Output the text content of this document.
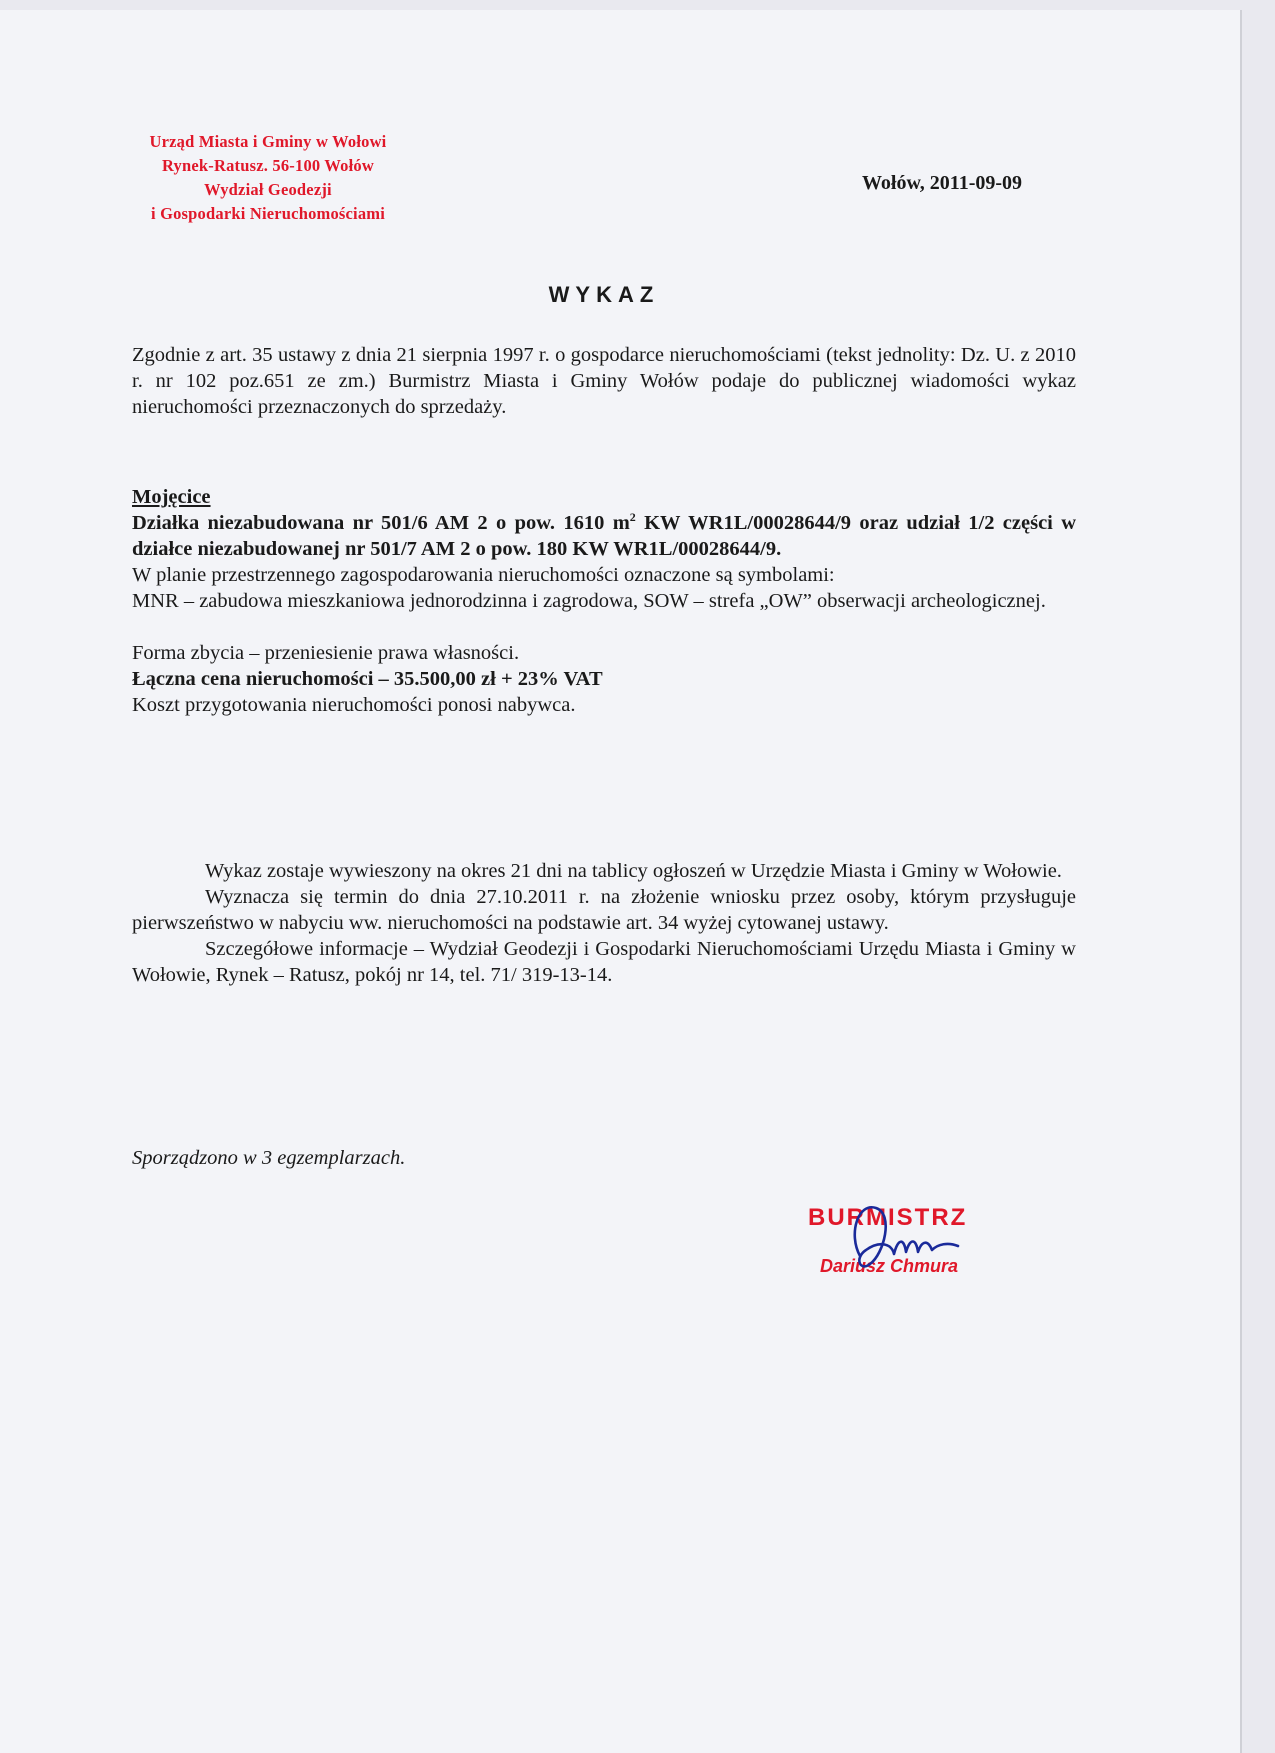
Urząd Miasta i Gminy w Wołowi
Rynek-Ratusz. 56-100 Wołów
Wydział Geodezji
i Gospodarki Nieruchomościami
Wołów, 2011-09-09
WYKAZ
Zgodnie z art. 35 ustawy z dnia 21 sierpnia 1997 r. o gospodarce nieruchomościami (tekst jednolity: Dz. U. z 2010 r. nr 102 poz.651 ze zm.) Burmistrz Miasta i Gminy Wołów podaje do publicznej wiadomości wykaz nieruchomości przeznaczonych do sprzedaży.

Mojęcice

Działka niezabudowana nr 501/6 AM 2 o pow. 1610 $m^2$ KW WR1L/00028644/9 oraz udział 1/2 części w działce niezabudowanej nr 501/7 AM 2 o pow. 180 KW WR1L/00028644/9.

W planie przestrzennego zagospodarowania nieruchomości oznaczone są symbolami:

MNR – zabudowa mieszkaniowa jednorodzinna i zagrodowa, SOW – strefa „OW” obserwacji archeologicznej.

Forma zbycia – przeniesienie prawa własności.

Łączna cena nieruchomości – 35.500,00 zł + 23% VAT

Koszt przygotowania nieruchomości ponosi nabywca.

Wykaz zostaje wywieszony na okres 21 dni na tablicy ogłoszeń w Urzędzie Miasta i Gminy w Wołowie.

Wyznacza się termin do dnia 27.10.2011 r. na złożenie wniosku przez osoby, którym przysługuje pierwszeństwo w nabyciu ww. nieruchomości na podstawie art. 34 wyżej cytowanej ustawy.

Szczegółowe informacje – Wydział Geodezji i Gospodarki Nieruchomościami Urzędu Miasta i Gminy w Wołowie, Rynek – Ratusz, pokój nr 14, tel. 71/ 319-13-14.

Sporządzono w 3 egzemplarzach.
BURMISTRZ
Dariusz Chmura
